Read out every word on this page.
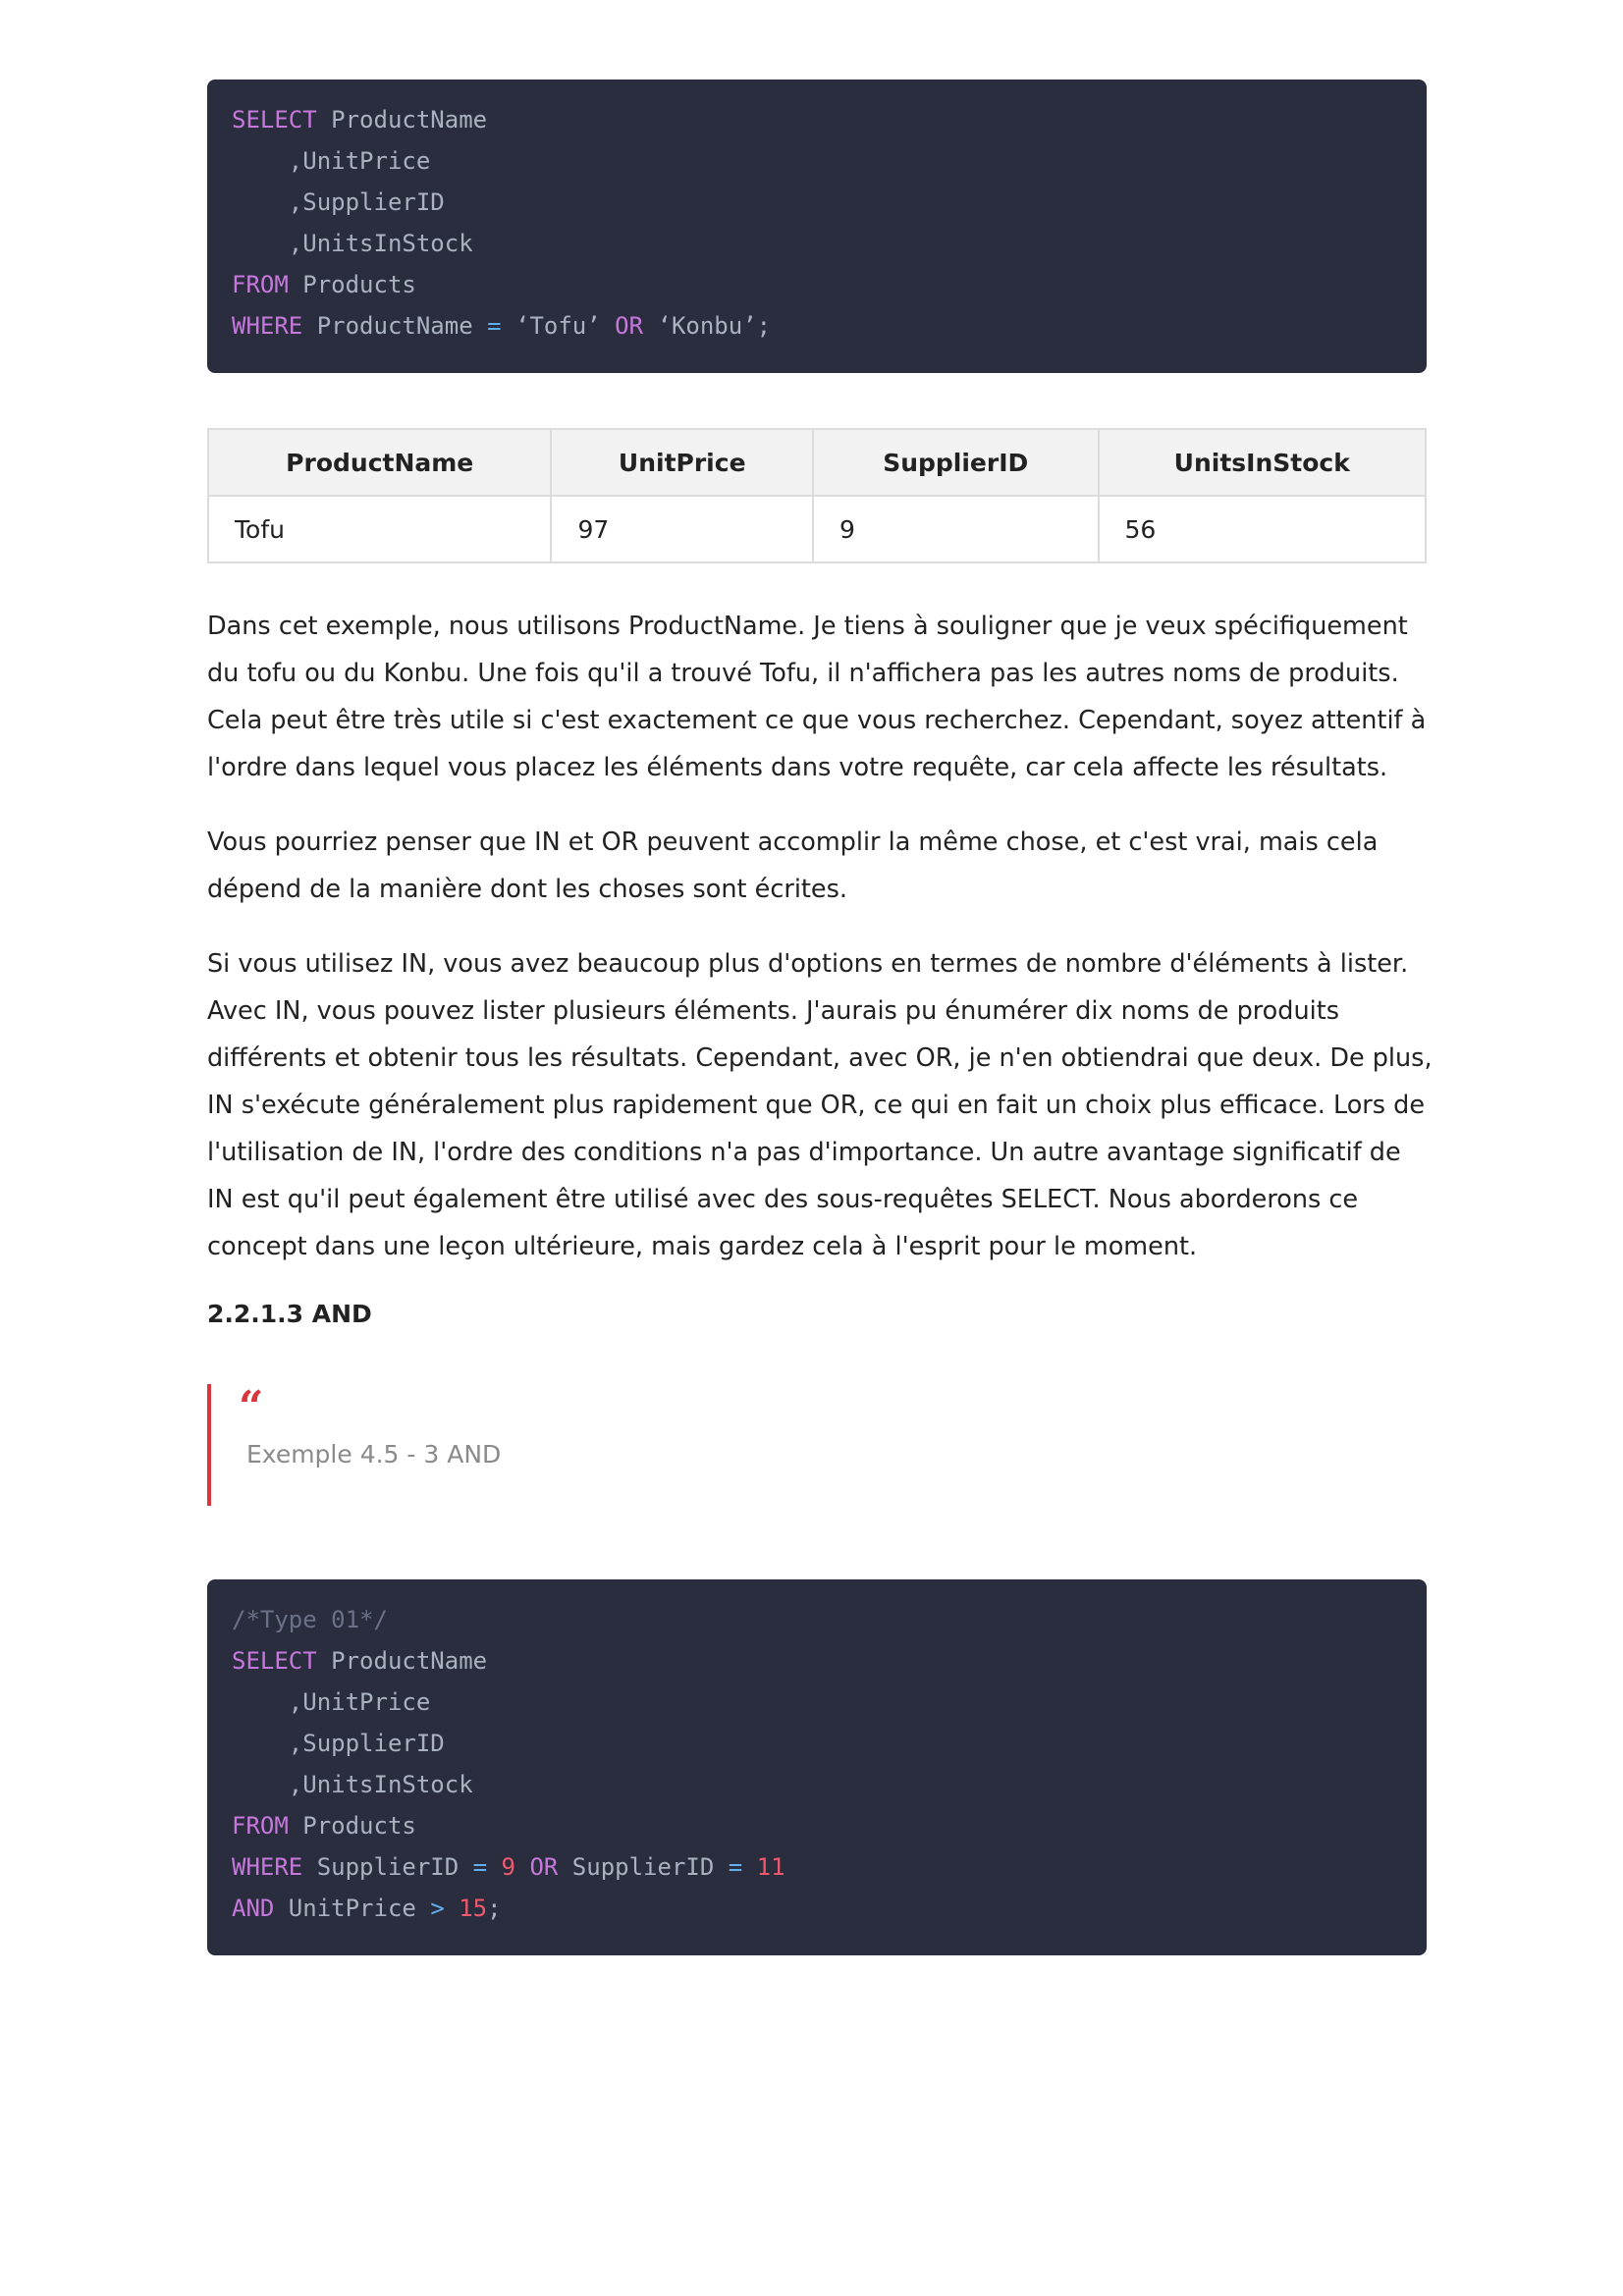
SELECT ProductName
,UnitPrice
,SupplierID
,UnitsInStock
FROM Products
WHERE ProductName = ‘Tofu’ OR ‘Konbu’;
ProductName	UnitPrice	SupplierID	UnitsInStock
Tofu	97	9	56

Dans cet exemple, nous utilisons ProductName. Je tiens à souligner que je veux spécifiquement du tofu ou du Konbu. Une fois qu'il a trouvé Tofu, il n'affichera pas les autres noms de produits. Cela peut être très utile si c'est exactement ce que vous recherchez. Cependant, soyez attentif à l'ordre dans lequel vous placez les éléments dans votre requête, car cela affecte les résultats.

Vous pourriez penser que IN et OR peuvent accomplir la même chose, et c'est vrai, mais cela dépend de la manière dont les choses sont écrites.

Si vous utilisez IN, vous avez beaucoup plus d'options en termes de nombre d'éléments à lister. Avec IN, vous pouvez lister plusieurs éléments. J'aurais pu énumérer dix noms de produits différents et obtenir tous les résultats. Cependant, avec OR, je n'en obtiendrai que deux. De plus, IN s'exécute généralement plus rapidement que OR, ce qui en fait un choix plus efficace. Lors de l'utilisation de IN, l'ordre des conditions n'a pas d'importance. Un autre avantage significatif de IN est qu'il peut également être utilisé avec des sous-requêtes SELECT. Nous aborderons ce concept dans une leçon ultérieure, mais gardez cela à l'esprit pour le moment.

2.2.1.3 AND
“
Exemple 4.5 - 3 AND
/*Type 01*/
SELECT ProductName
,UnitPrice
,SupplierID
,UnitsInStock
FROM Products
WHERE SupplierID = 9 OR SupplierID = 11
AND UnitPrice > 15;
